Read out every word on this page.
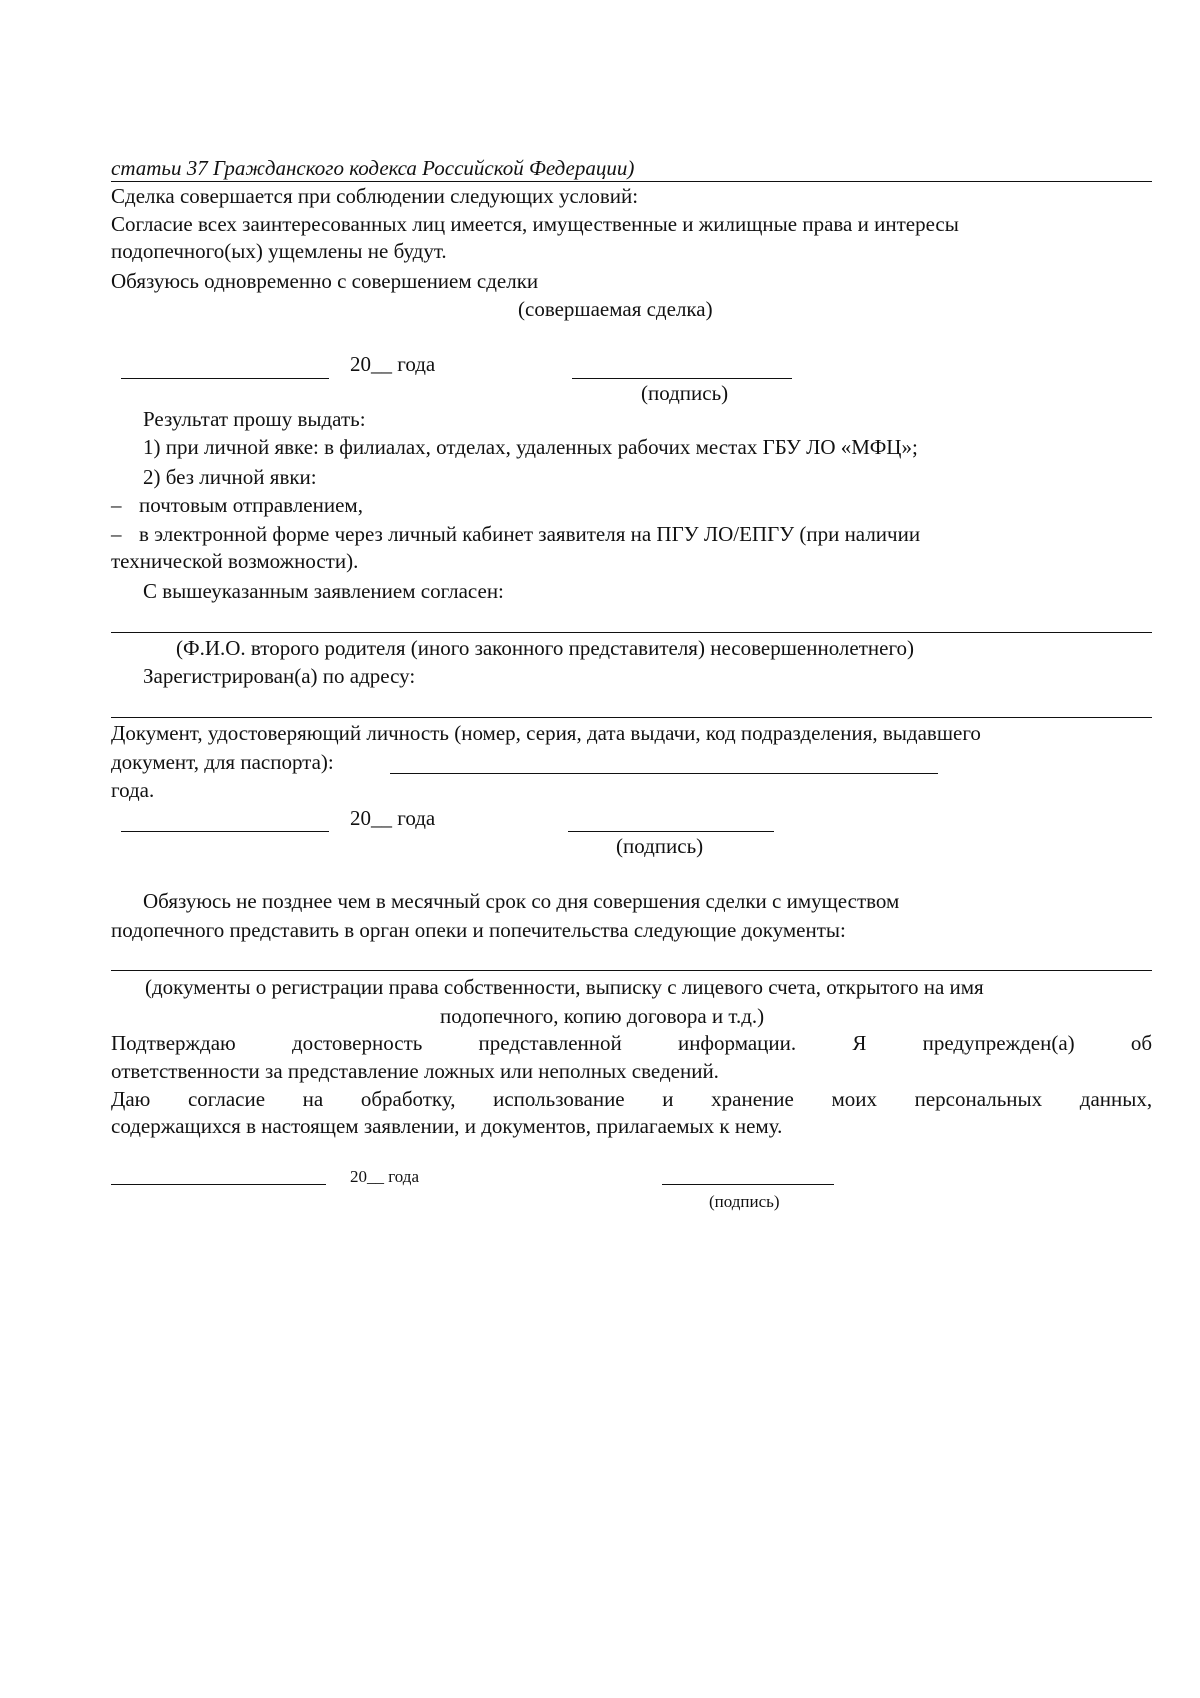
статьи 37 Гражданского кодекса Российской Федерации)
Сделка совершается при соблюдении следующих условий:
Согласие всех заинтересованных лиц имеется, имущественные и жилищные права и интересы
подопечного(ых) ущемлены не будут.
Обязуюсь одновременно с совершением сделки
(совершаемая сделка)
20__ года
(подпись)
Результат прошу выдать:
1) при личной явке: в филиалах, отделах, удаленных рабочих местах ГБУ ЛО «МФЦ»;
2) без личной явки:
– почтовым отправлением,
– в электронной форме через личный кабинет заявителя на ПГУ ЛО/ЕПГУ (при наличии
технической возможности).
С вышеуказанным заявлением согласен:
(Ф.И.О. второго родителя (иного законного представителя) несовершеннолетнего)
Зарегистрирован(а) по адресу:
Документ, удостоверяющий личность (номер, серия, дата выдачи, код подразделения, выдавшего
документ, для паспорта):
года.
20__ года
(подпись)
Обязуюсь не позднее чем в месячный срок со дня совершения сделки с имуществом
подопечного представить в орган опеки и попечительства следующие документы:
(документы о регистрации права собственности, выписку с лицевого счета, открытого на имя
подопечного, копию договора и т.д.)
Подтверждаю	достоверность	представленной	информации.	Я	предупрежден(а)	об
ответственности за представление ложных или неполных сведений.
Даю согласие на обработку, использование и хранение моих персональных данных,
содержащихся в настоящем заявлении, и документов, прилагаемых к нему.
20__ года
(подпись)
